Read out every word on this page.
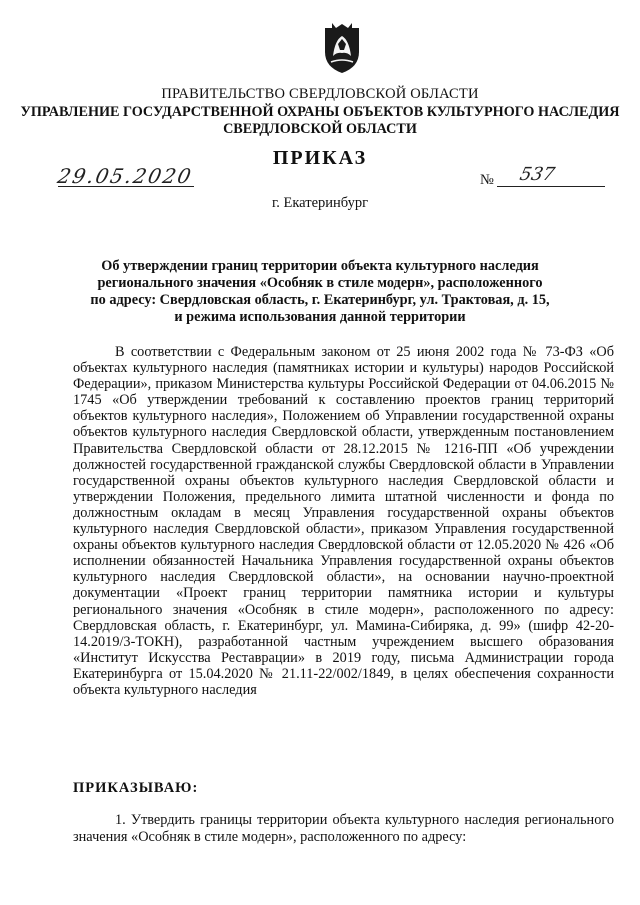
ПРАВИТЕЛЬСТВО СВЕРДЛОВСКОЙ ОБЛАСТИ
УПРАВЛЕНИЕ ГОСУДАРСТВЕННОЙ ОХРАНЫ ОБЪЕКТОВ КУЛЬТУРНОГО НАСЛЕДИЯ
СВЕРДЛОВСКОЙ ОБЛАСТИ
ПРИКАЗ
29.05.2020	№ 537
г. Екатеринбург
Об утверждении границ территории объекта культурного наследия
регионального значения «Особняк в стиле модерн», расположенного
по адресу: Свердловская область, г. Екатеринбург, ул. Трактовая, д. 15,
и режима использования данной территории
В соответствии с Федеральным законом от 25 июня 2002 года № 73-ФЗ «Об объектах культурного наследия (памятниках истории и культуры) народов Российской Федерации», приказом Министерства культуры Российской Федерации от 04.06.2015 № 1745 «Об утверждении требований к составлению проектов границ территорий объектов культурного наследия», Положением об Управлении государственной охраны объектов культурного наследия Свердловской области, утвержденным постановлением Правительства Свердловской области от 28.12.2015 № 1216-ПП «Об учреждении должностей государственной гражданской службы Свердловской области в Управлении государственной охраны объектов культурного наследия Свердловской области и утверждении Положения, предельного лимита штатной численности и фонда по должностным окладам в месяц Управления государственной охраны объектов культурного наследия Свердловской области», приказом Управления государственной охраны объектов культурного наследия Свердловской области от 12.05.2020 № 426 «Об исполнении обязанностей Начальника Управления государственной охраны объектов культурного наследия Свердловской области», на основании научно-проектной документации «Проект границ территории памятника истории и культуры регионального значения «Особняк в стиле модерн», расположенного по адресу: Свердловская область, г. Екатеринбург, ул. Мамина-Сибиряка, д. 99» (шифр 42-20-14.2019/3-ТОКН), разработанной частным учреждением высшего образования «Институт Искусства Реставрации» в 2019 году, письма Администрации города Екатеринбурга от 15.04.2020 № 21.11-22/002/1849, в целях обеспечения сохранности объекта культурного наследия
ПРИКАЗЫВАЮ:
1. Утвердить границы территории объекта культурного наследия регионального значения «Особняк в стиле модерн», расположенного по адресу:
